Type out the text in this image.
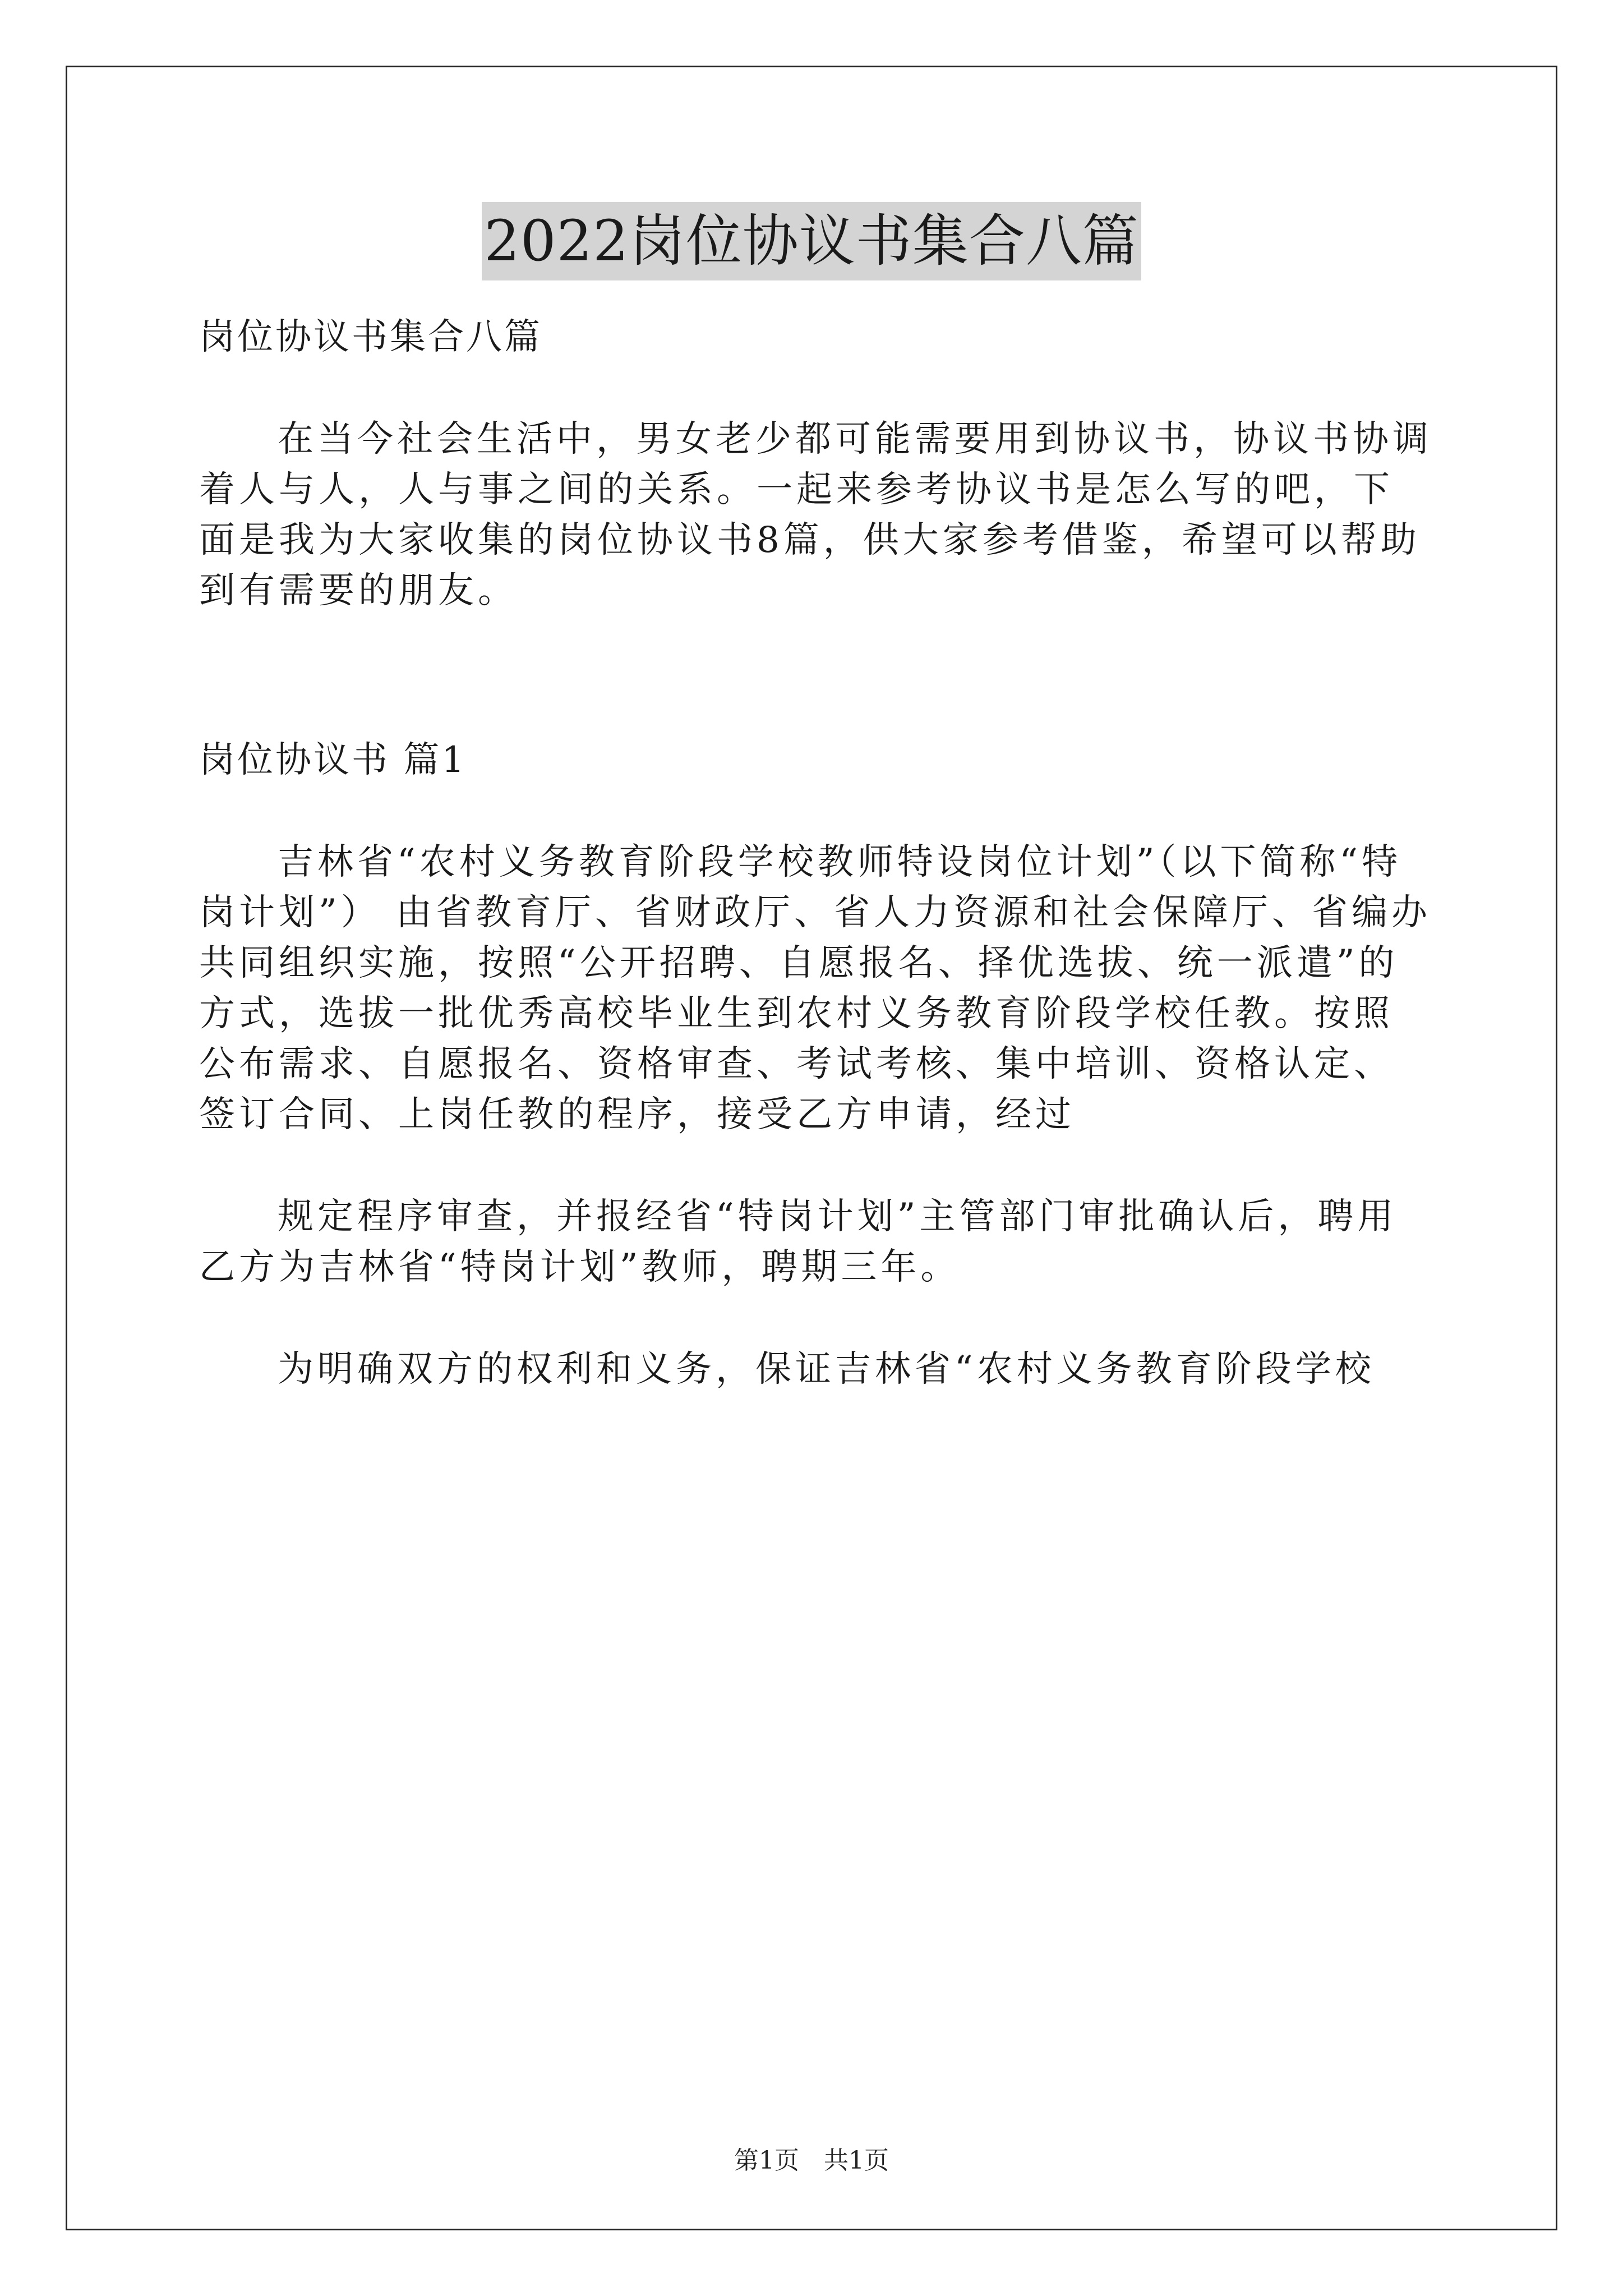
2022岗位协议书集合八篇

岗位协议书集合八篇

在当今社会生活中，男女老少都可能需要用到协议书，协议书协调着人与人，人与事之间的关系。一起来参考协议书是怎么写的吧，下面是我为大家收集的岗位协议书8篇，供大家参考借鉴，希望可以帮助到有需要的朋友。

岗位协议书 篇1

吉林省“农村义务教育阶段学校教师特设岗位计划”（以下简称“特岗计划”） 由省教育厅、省财政厅、省人力资源和社会保障厅、省编办共同组织实施，按照“公开招聘、自愿报名、择优选拔、统一派遣”的方式，选拔一批优秀高校毕业生到农村义务教育阶段学校任教。按照公布需求、自愿报名、资格审查、考试考核、集中培训、资格认定、签订合同、上岗任教的程序，接受乙方申请，经过

规定程序审查，并报经省“特岗计划”主管部门审批确认后，聘用乙方为吉林省“特岗计划”教师，聘期三年。

为明确双方的权利和义务，保证吉林省“农村义务教育阶段学校

第1页 共1页
